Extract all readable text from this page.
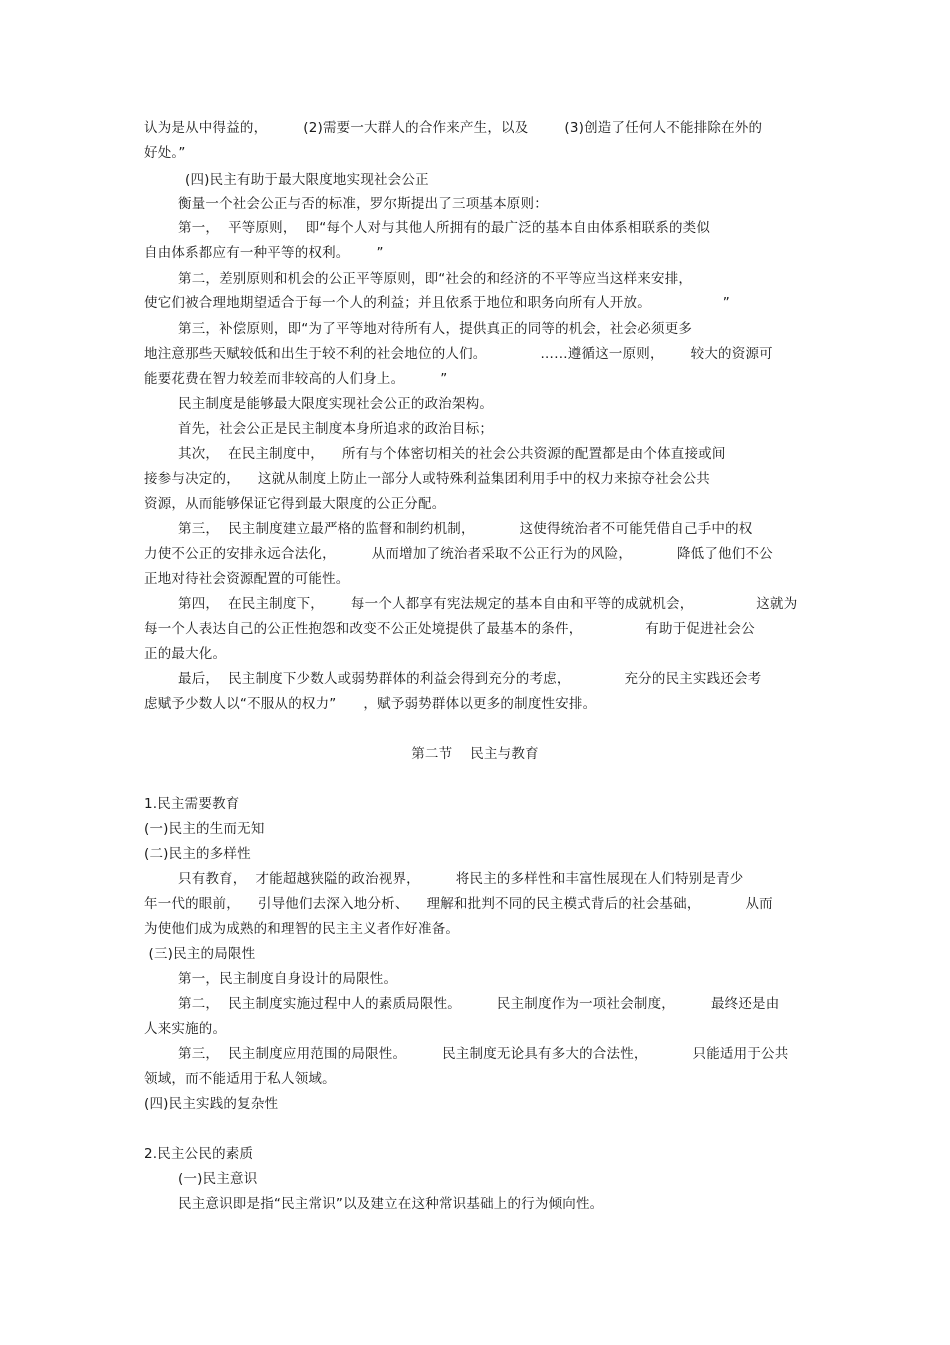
认为是从中得益的，        (2)需要一大群人的合作来产生，以及        (3)创造了任何人不能排除在外的
好处。”
(四)民主有助于最大限度地实现社会公正
衡量一个社会公正与否的标准，罗尔斯提出了三项基本原则：
第一，  平等原则，  即“每个人对与其他人所拥有的最广泛的基本自由体系相联系的类似
自由体系都应有一种平等的权利。      ”
第二，差别原则和机会的公正平等原则，即“社会的和经济的不平等应当这样来安排，
使它们被合理地期望适合于每一个人的利益；并且依系于地位和职务向所有人开放。                ”
第三，补偿原则，即“为了平等地对待所有人，提供真正的同等的机会，社会必须更多
地注意那些天赋较低和出生于较不利的社会地位的人们。            ……遵循这一原则，      较大的资源可
能要花费在智力较差而非较高的人们身上。        ”
民主制度是能够最大限度实现社会公正的政治架构。
首先，社会公正是民主制度本身所追求的政治目标；
其次，  在民主制度中，    所有与个体密切相关的社会公共资源的配置都是由个体直接或间
接参与决定的，    这就从制度上防止一部分人或特殊利益集团利用手中的权力来掠夺社会公共
资源，从而能够保证它得到最大限度的公正分配。
第三，  民主制度建立最严格的监督和制约机制，          这使得统治者不可能凭借自己手中的权
力使不公正的安排永远合法化，        从而增加了统治者采取不公正行为的风险，          降低了他们不公
正地对待社会资源配置的可能性。
第四，  在民主制度下，      每一个人都享有宪法规定的基本自由和平等的成就机会，              这就为
每一个人表达自己的公正性抱怨和改变不公正处境提供了最基本的条件，              有助于促进社会公
正的最大化。
最后，  民主制度下少数人或弱势群体的利益会得到充分的考虑，            充分的民主实践还会考
虑赋予少数人以“不服从的权力”      ，赋予弱势群体以更多的制度性安排。
第二节    民主与教育
1.民主需要教育
(一)民主的生而无知
(二)民主的多样性
只有教育，  才能超越狭隘的政治视界，        将民主的多样性和丰富性展现在人们特别是青少
年一代的眼前，    引导他们去深入地分析、    理解和批判不同的民主模式背后的社会基础，          从而
为使他们成为成熟的和理智的民主主义者作好准备。
(三)民主的局限性
第一，民主制度自身设计的局限性。
第二，  民主制度实施过程中人的素质局限性。        民主制度作为一项社会制度，        最终还是由
人来实施的。
第三，  民主制度应用范围的局限性。        民主制度无论具有多大的合法性，          只能适用于公共
领域，而不能适用于私人领域。
(四)民主实践的复杂性
2.民主公民的素质
(一)民主意识
民主意识即是指“民主常识”以及建立在这种常识基础上的行为倾向性。
